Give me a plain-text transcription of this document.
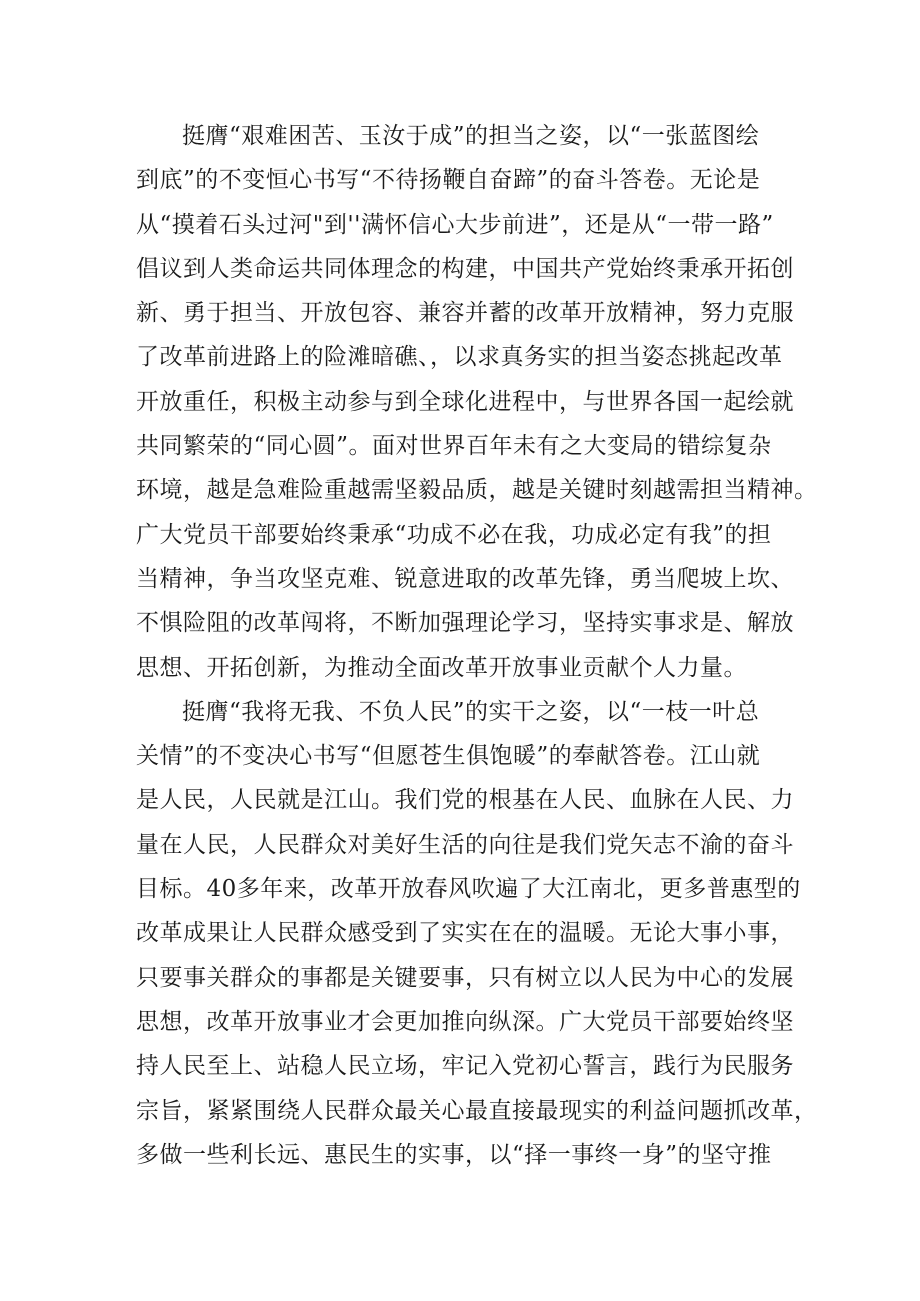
挺膺“艰难困苦、玉汝于成”的担当之姿，以“一张蓝图绘
到底”的不变恒心书写“不待扬鞭自奋蹄”的奋斗答卷。无论是
从“摸着石头过河"到''满怀信心大步前进”，还是从“一带一路”
倡议到人类命运共同体理念的构建，中国共产党始终秉承开拓创
新、勇于担当、开放包容、兼容并蓄的改革开放精神，努力克服
了改革前进路上的险滩暗礁、，以求真务实的担当姿态挑起改革
开放重任，积极主动参与到全球化进程中，与世界各国一起绘就
共同繁荣的“同心圆”。面对世界百年未有之大变局的错综复杂
环境，越是急难险重越需坚毅品质，越是关键时刻越需担当精神。
广大党员干部要始终秉承“功成不必在我，功成必定有我”的担
当精神，争当攻坚克难、锐意进取的改革先锋，勇当爬坡上坎、
不惧险阻的改革闯将，不断加强理论学习，坚持实事求是、解放
思想、开拓创新，为推动全面改革开放事业贡献个人力量。
挺膺“我将无我、不负人民”的实干之姿，以“一枝一叶总
关情”的不变决心书写“但愿苍生俱饱暖”的奉献答卷。江山就
是人民，人民就是江山。我们党的根基在人民、血脉在人民、力
量在人民，人民群众对美好生活的向往是我们党矢志不渝的奋斗
目标。40多年来，改革开放春风吹遍了大江南北，更多普惠型的
改革成果让人民群众感受到了实实在在的温暖。无论大事小事，
只要事关群众的事都是关键要事，只有树立以人民为中心的发展
思想，改革开放事业才会更加推向纵深。广大党员干部要始终坚
持人民至上、站稳人民立场，牢记入党初心誓言，践行为民服务
宗旨，紧紧围绕人民群众最关心最直接最现实的利益问题抓改革，
多做一些利长远、惠民生的实事，以“择一事终一身”的坚守推
